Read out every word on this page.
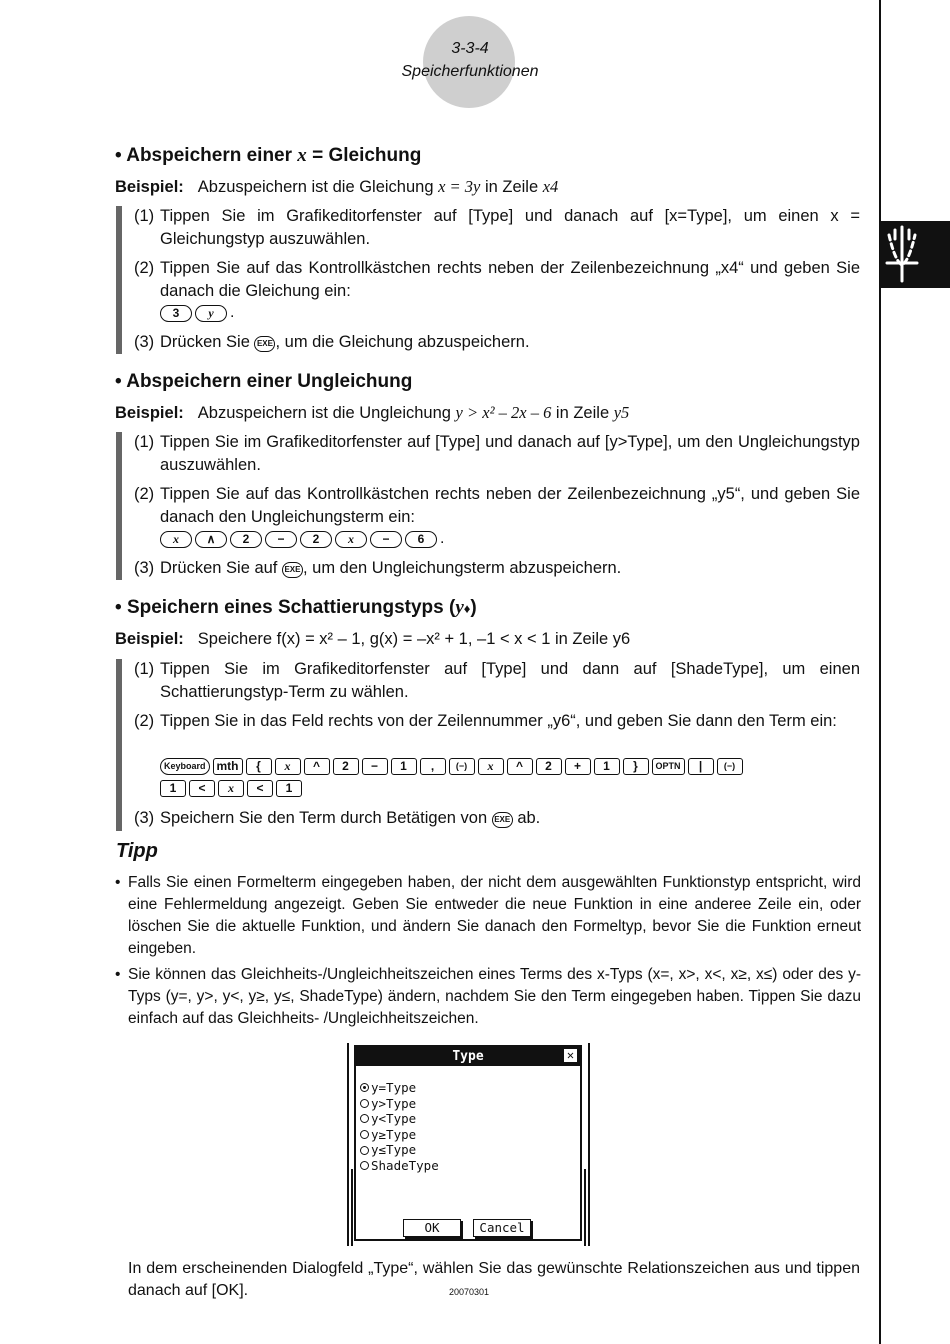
3-3-4
Speicherfunktionen
• Abspeichern einer x = Gleichung
Beispiel: Abzuspeichern ist die Gleichung x = 3y in Zeile x4
(1) Tippen Sie im Grafikeditorfenster auf [Type] und danach auf [x=Type], um einen x = Gleichungstyp auszuwählen.
(2) Tippen Sie auf das Kontrollkästchen rechts neben der Zeilenbezeichnung „x4“ und geben Sie danach die Gleichung ein:
3	y	.
(3) Drücken Sie EXE , um die Gleichung abzuspeichern.
• Abspeichern einer Ungleichung
Beispiel: Abzuspeichern ist die Ungleichung y > x² – 2x – 6 in Zeile y5
(1) Tippen Sie im Grafikeditorfenster auf [Type] und danach auf [y>Type], um den Ungleichungstyp auszuwählen.
(2) Tippen Sie auf das Kontrollkästchen rechts neben der Zeilenbezeichnung „y5“, und geben Sie danach den Ungleichungsterm ein:
x	∧	2	−	2	x	−	6 .
(3) Drücken Sie auf EXE , um den Ungleichungsterm abzuspeichern.
• Speichern eines Schattierungstyps (y♦)
Beispiel: Speichere f(x) = x² – 1, g(x) = –x² + 1, –1 < x < 1 in Zeile y6
(1) Tippen Sie im Grafikeditorfenster auf [Type] und dann auf [ShadeType], um einen Schattierungstyp-Term zu wählen.
(2) Tippen Sie in das Feld rechts von der Zeilennummer „y6“, und geben Sie dann den Term ein:
Keyboard mth	{	x	^	2	−	1	,	(−)	x	^	2	+	1	}	OPTN	|	(−)
1	<	x	<	1
(3) Speichern Sie den Term durch Betätigen von EXE ab.
Tipp
• Falls Sie einen Formelterm eingegeben haben, der nicht dem ausgewählten Funktionstyp entspricht, wird eine Fehlermeldung angezeigt. Geben Sie entweder die neue Funktion in eine anderee Zeile ein, oder löschen Sie die aktuelle Funktion, und ändern Sie danach den Formeltyp, bevor Sie die Funktion erneut eingeben.
• Sie können das Gleichheits-/Ungleichheitszeichen eines Terms des x-Typs (x=, x>, x<, x≥, x≤) oder des y-Typs (y=, y>, y<, y≥, y≤, ShadeType) ändern, nachdem Sie den Term eingegeben haben. Tippen Sie dazu einfach auf das Gleichheits- /Ungleichheitszeichen.
Type	✕
y=Type
y>Type
y<Type
y≥Type
y≤Type
ShadeType
OK	Cancel
In dem erscheinenden Dialogfeld „Type“, wählen Sie das gewünschte Relationszeichen aus und tippen danach auf [OK].	20070301
